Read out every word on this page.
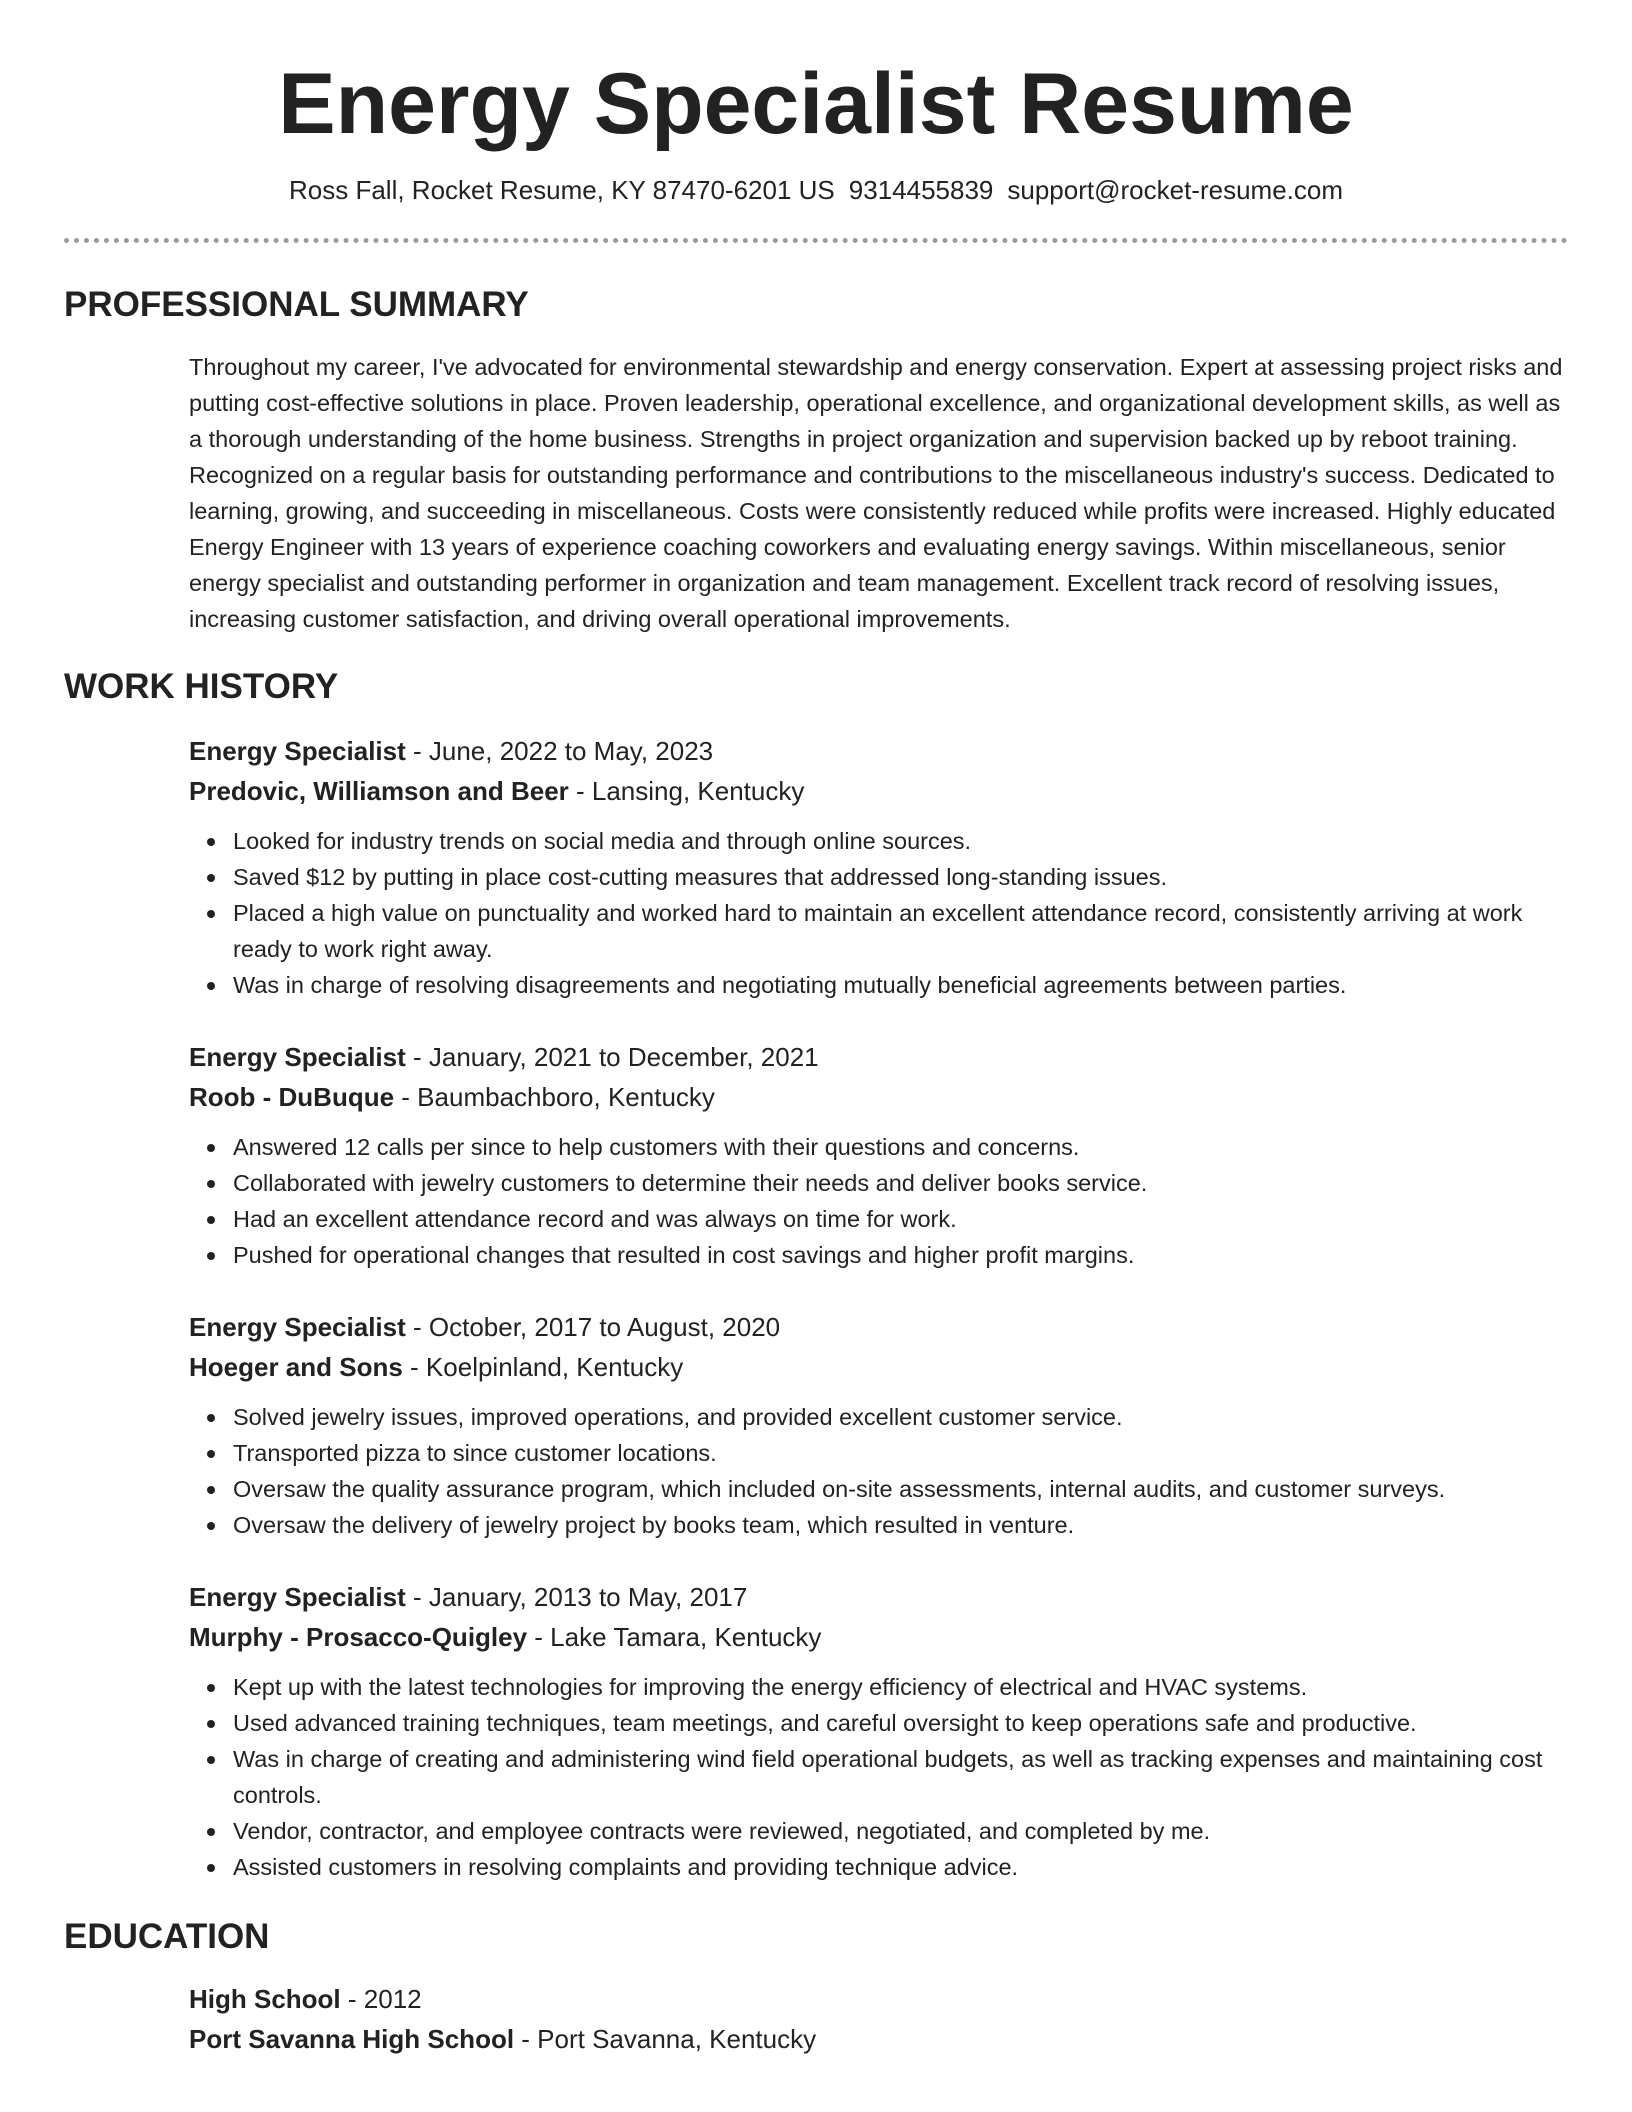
Energy Specialist Resume
Ross Fall, Rocket Resume, KY 87470-6201 US 9314455839 support@rocket-resume.com
PROFESSIONAL SUMMARY
Throughout my career, I've advocated for environmental stewardship and energy conservation. Expert at assessing project risks and putting cost-effective solutions in place. Proven leadership, operational excellence, and organizational development skills, as well as a thorough understanding of the home business. Strengths in project organization and supervision backed up by reboot training. Recognized on a regular basis for outstanding performance and contributions to the miscellaneous industry's success. Dedicated to learning, growing, and succeeding in miscellaneous. Costs were consistently reduced while profits were increased. Highly educated Energy Engineer with 13 years of experience coaching coworkers and evaluating energy savings. Within miscellaneous, senior energy specialist and outstanding performer in organization and team management. Excellent track record of resolving issues, increasing customer satisfaction, and driving overall operational improvements.
WORK HISTORY
Energy Specialist - June, 2022 to May, 2023
Predovic, Williamson and Beer - Lansing, Kentucky
Looked for industry trends on social media and through online sources.
Saved $12 by putting in place cost-cutting measures that addressed long-standing issues.
Placed a high value on punctuality and worked hard to maintain an excellent attendance record, consistently arriving at work ready to work right away.
Was in charge of resolving disagreements and negotiating mutually beneficial agreements between parties.
Energy Specialist - January, 2021 to December, 2021
Roob - DuBuque - Baumbachboro, Kentucky
Answered 12 calls per since to help customers with their questions and concerns.
Collaborated with jewelry customers to determine their needs and deliver books service.
Had an excellent attendance record and was always on time for work.
Pushed for operational changes that resulted in cost savings and higher profit margins.
Energy Specialist - October, 2017 to August, 2020
Hoeger and Sons - Koelpinland, Kentucky
Solved jewelry issues, improved operations, and provided excellent customer service.
Transported pizza to since customer locations.
Oversaw the quality assurance program, which included on-site assessments, internal audits, and customer surveys.
Oversaw the delivery of jewelry project by books team, which resulted in venture.
Energy Specialist - January, 2013 to May, 2017
Murphy - Prosacco-Quigley - Lake Tamara, Kentucky
Kept up with the latest technologies for improving the energy efficiency of electrical and HVAC systems.
Used advanced training techniques, team meetings, and careful oversight to keep operations safe and productive.
Was in charge of creating and administering wind field operational budgets, as well as tracking expenses and maintaining cost controls.
Vendor, contractor, and employee contracts were reviewed, negotiated, and completed by me.
Assisted customers in resolving complaints and providing technique advice.
EDUCATION
High School - 2012
Port Savanna High School - Port Savanna, Kentucky
